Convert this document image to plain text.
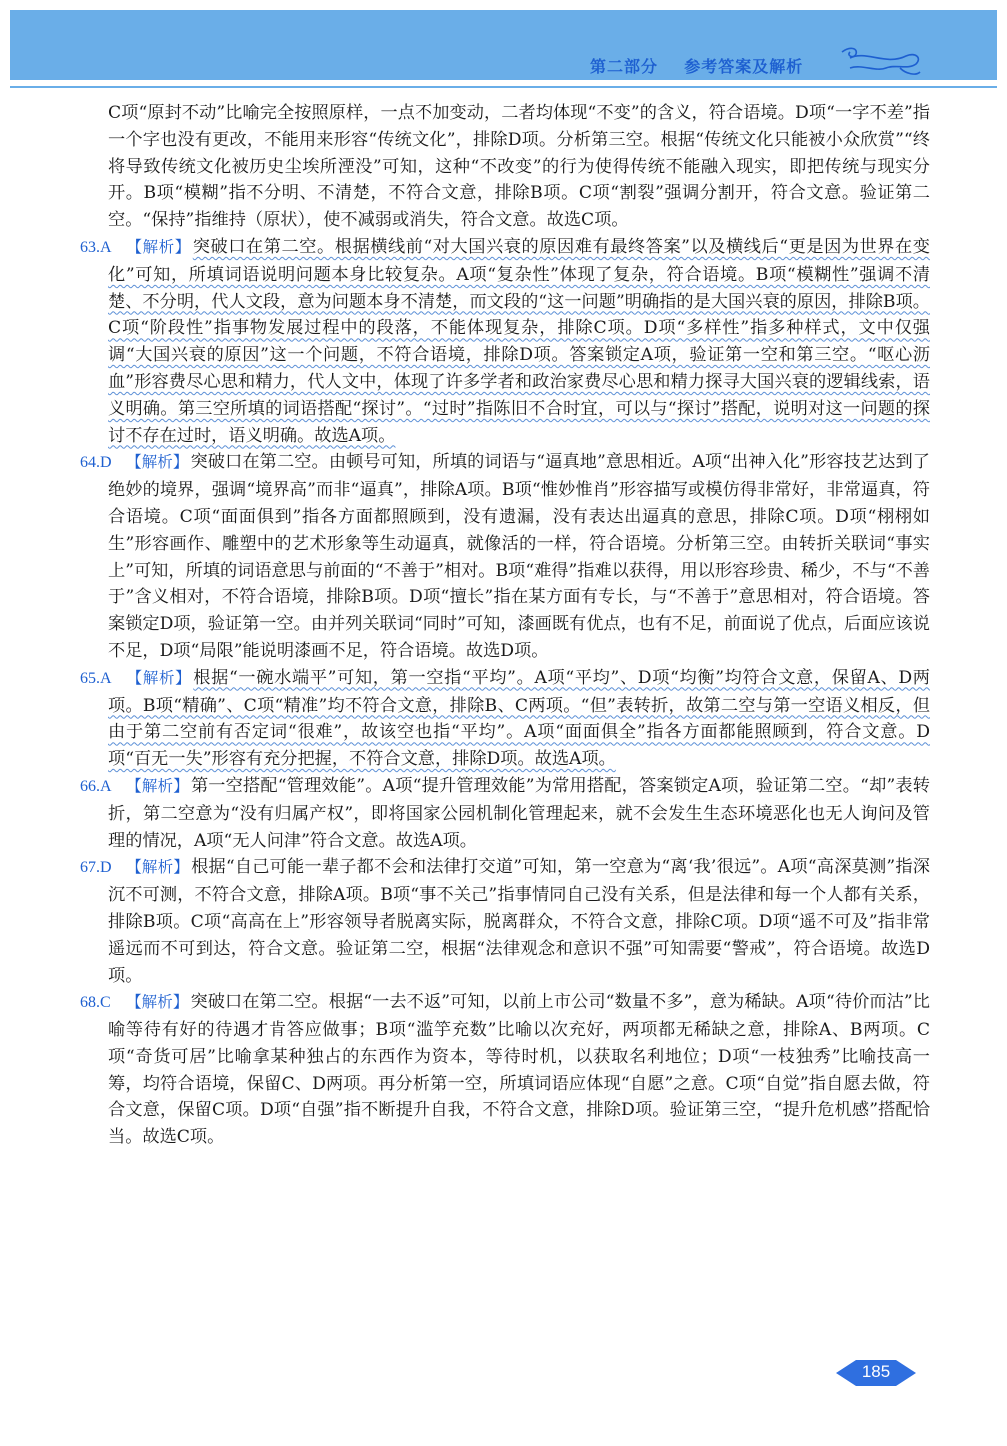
第二部分    参考答案及解析

C项“原封不动”比喻完全按照原样，一点不加变动，二者均体现“不变”的含义，符合语境。D项“一字不差”指一个字也没有更改，不能用来形容“传统文化”，排除D项。分析第三空。根据“传统文化只能被小众欣赏”“终将导致传统文化被历史尘埃所湮没”可知，这种“不改变”的行为使得传统不能融入现实，即把传统与现实分开。B项“模糊”指不分明、不清楚，不符合文意，排除B项。C项“割裂”强调分割开，符合文意。验证第二空。“保持”指维持（原状），使不减弱或消失，符合文意。故选C项。

63.A 【解析】 突破口在第二空。根据横线前“对大国兴衰的原因难有最终答案”以及横线后“更是因为世界在变化”可知，所填词语说明问题本身比较复杂。A项“复杂性”体现了复杂，符合语境。B项“模糊性”强调不清楚、不分明，代人文段，意为问题本身不清楚，而文段的“这一问题”明确指的是大国兴衰的原因，排除B项。C项“阶段性”指事物发展过程中的段落，不能体现复杂，排除C项。D项“多样性”指多种样式，文中仅强调“大国兴衰的原因”这一个问题，不符合语境，排除D项。答案锁定A项，验证第一空和第三空。“呕心沥血”形容费尽心思和精力，代人文中，体现了许多学者和政治家费尽心思和精力探寻大国兴衰的逻辑线索，语义明确。第三空所填的词语搭配“探讨”。“过时”指陈旧不合时宜，可以与“探讨”搭配，说明对这一问题的探讨不存在过时，语义明确。故选A项。
64.D 【解析】 突破口在第二空。由顿号可知，所填的词语与“逼真地”意思相近。A项“出神入化”形容技艺达到了绝妙的境界，强调“境界高”而非“逼真”，排除A项。B项“惟妙惟肖”形容描写或模仿得非常好，非常逼真，符合语境。C项“面面俱到”指各方面都照顾到，没有遗漏，没有表达出逼真的意思，排除C项。D项“栩栩如生”形容画作、雕塑中的艺术形象等生动逼真，就像活的一样，符合语境。分析第三空。由转折关联词“事实上”可知，所填的词语意思与前面的“不善于”相对。B项“难得”指难以获得，用以形容珍贵、稀少，不与“不善于”含义相对，不符合语境，排除B项。D项“擅长”指在某方面有专长，与“不善于”意思相对，符合语境。答案锁定D项，验证第一空。由并列关联词“同时”可知，漆画既有优点，也有不足，前面说了优点，后面应该说不足，D项“局限”能说明漆画不足，符合语境。故选D项。
65.A 【解析】 根据“一碗水端平”可知，第一空指“平均”。A项“平均”、D项“均衡”均符合文意，保留A、D两项。B项“精确”、C项“精准”均不符合文意，排除B、C两项。“但”表转折，故第二空与第一空语义相反，但由于第二空前有否定词“很难”，故该空也指“平均”。A项“面面俱全”指各方面都能照顾到，符合文意。D项“百无一失”形容有充分把握，不符合文意，排除D项。故选A项。
66.A 【解析】 第一空搭配“管理效能”。A项“提升管理效能”为常用搭配，答案锁定A项，验证第二空。“却”表转折，第二空意为“没有归属产权”，即将国家公园机制化管理起来，就不会发生生态环境恶化也无人询问及管理的情况，A项“无人问津”符合文意。故选A项。
67.D 【解析】 根据“自己可能一辈子都不会和法律打交道”可知，第一空意为“离‘我’很远”。A项“高深莫测”指深沉不可测，不符合文意，排除A项。B项“事不关己”指事情同自己没有关系，但是法律和每一个人都有关系，排除B项。C项“高高在上”形容领导者脱离实际，脱离群众，不符合文意，排除C项。D项“遥不可及”指非常遥远而不可到达，符合文意。验证第二空，根据“法律观念和意识不强”可知需要“警戒”，符合语境。故选D项。
68.C 【解析】 突破口在第二空。根据“一去不返”可知，以前上市公司“数量不多”，意为稀缺。A项“待价而沽”比喻等待有好的待遇才肯答应做事；B项“滥竽充数”比喻以次充好，两项都无稀缺之意，排除A、B两项。C项“奇货可居”比喻拿某种独占的东西作为资本，等待时机，以获取名利地位；D项“一枝独秀”比喻技高一筹，均符合语境，保留C、D两项。再分析第一空，所填词语应体现“自愿”之意。C项“自觉”指自愿去做，符合文意，保留C项。D项“自强”指不断提升自我，不符合文意，排除D项。验证第三空，“提升危机感”搭配恰当。故选C项。
185
